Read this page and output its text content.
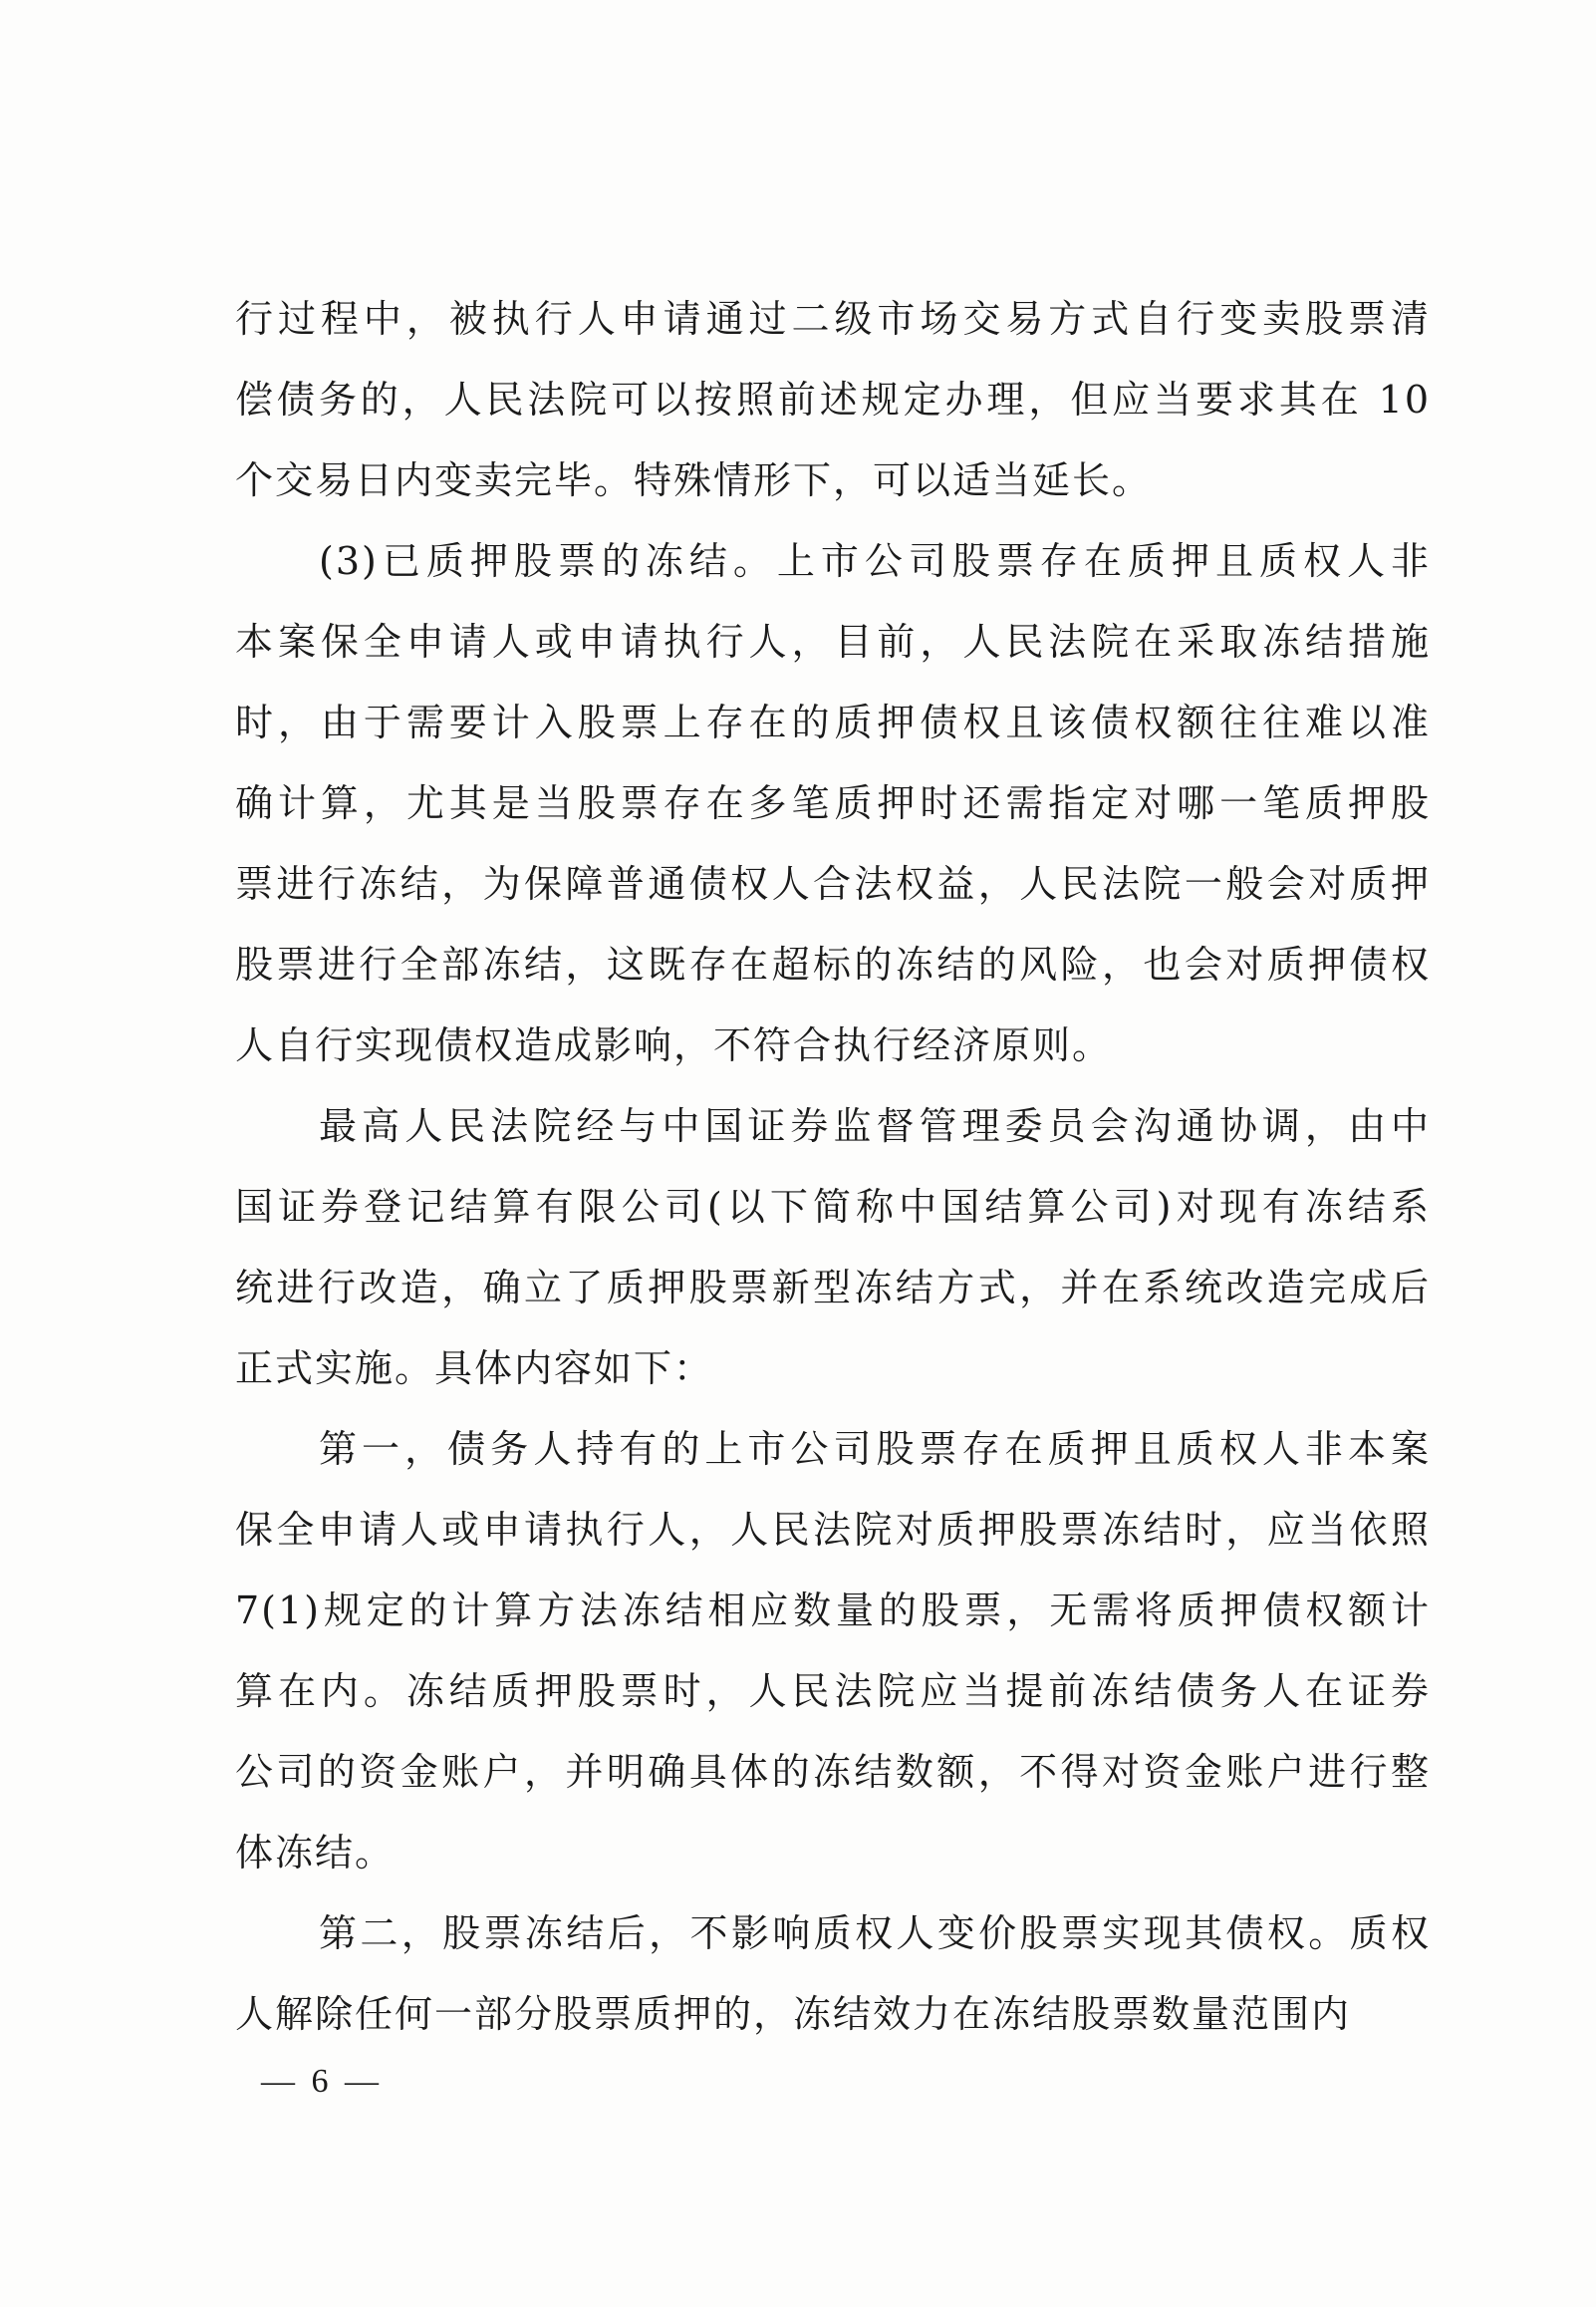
行过程中，被执行人申请通过二级市场交易方式自行变卖股票清
偿债务的，人民法院可以按照前述规定办理，但应当要求其在 10
个交易日内变卖完毕。特殊情形下，可以适当延长。
(3)已质押股票的冻结。上市公司股票存在质押且质权人非
本案保全申请人或申请执行人，目前，人民法院在采取冻结措施
时，由于需要计入股票上存在的质押债权且该债权额往往难以准
确计算，尤其是当股票存在多笔质押时还需指定对哪一笔质押股
票进行冻结，为保障普通债权人合法权益，人民法院一般会对质押
股票进行全部冻结，这既存在超标的冻结的风险，也会对质押债权
人自行实现债权造成影响，不符合执行经济原则。
最高人民法院经与中国证券监督管理委员会沟通协调，由中
国证券登记结算有限公司(以下简称中国结算公司)对现有冻结系
统进行改造，确立了质押股票新型冻结方式，并在系统改造完成后
正式实施。具体内容如下：
第一，债务人持有的上市公司股票存在质押且质权人非本案
保全申请人或申请执行人，人民法院对质押股票冻结时，应当依照
7(1)规定的计算方法冻结相应数量的股票，无需将质押债权额计
算在内。冻结质押股票时，人民法院应当提前冻结债务人在证券
公司的资金账户，并明确具体的冻结数额，不得对资金账户进行整
体冻结。
第二，股票冻结后，不影响质权人变价股票实现其债权。质权
人解除任何一部分股票质押的，冻结效力在冻结股票数量范围内
— 6 —
